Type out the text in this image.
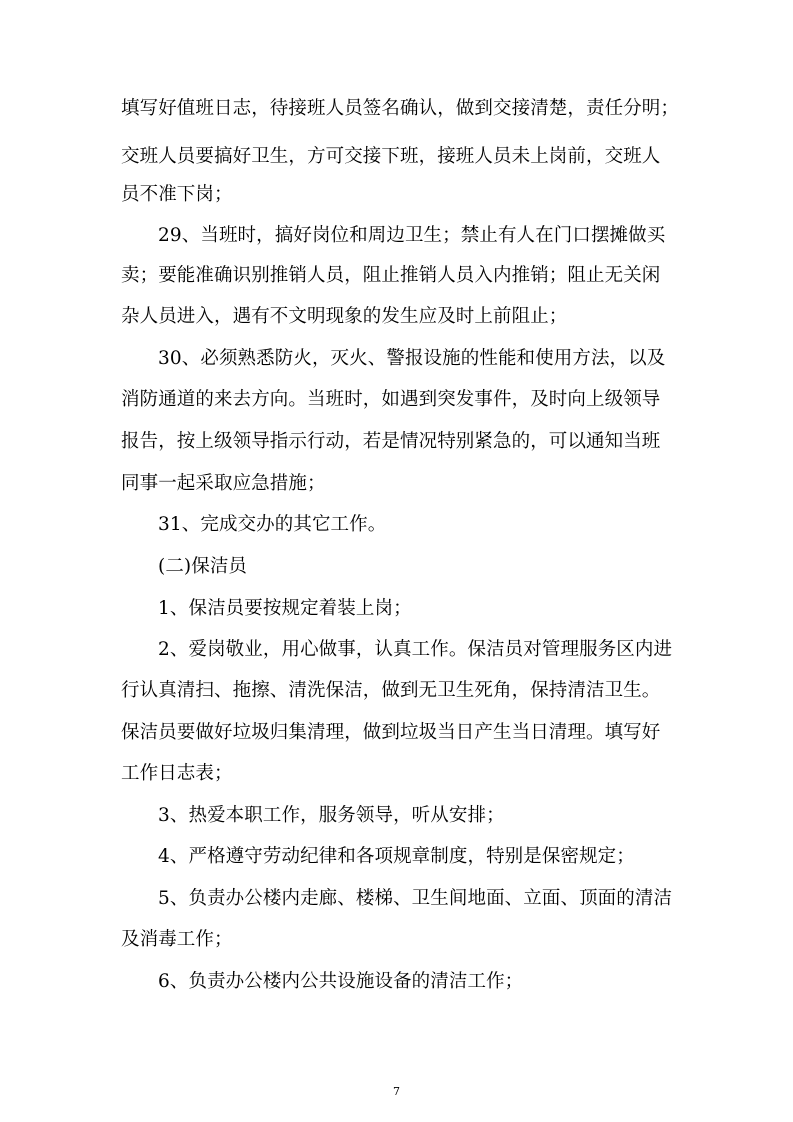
填写好值班日志，待接班人员签名确认，做到交接清楚，责任分明；
交班人员要搞好卫生，方可交接下班，接班人员未上岗前，交班人
员不准下岗；
29、当班时，搞好岗位和周边卫生；禁止有人在门口摆摊做买
卖；要能准确识别推销人员，阻止推销人员入内推销；阻止无关闲
杂人员进入，遇有不文明现象的发生应及时上前阻止；
30、必须熟悉防火，灭火、警报设施的性能和使用方法，以及
消防通道的来去方向。当班时，如遇到突发事件，及时向上级领导
报告，按上级领导指示行动，若是情况特别紧急的，可以通知当班
同事一起采取应急措施；
31、完成交办的其它工作。
(二)保洁员
1、保洁员要按规定着装上岗；
2、爱岗敬业，用心做事，认真工作。保洁员对管理服务区内进
行认真清扫、拖擦、清洗保洁，做到无卫生死角，保持清洁卫生。
保洁员要做好垃圾归集清理，做到垃圾当日产生当日清理。填写好
工作日志表；
3、热爱本职工作，服务领导，听从安排；
4、严格遵守劳动纪律和各项规章制度，特别是保密规定；
5、负责办公楼内走廊、楼梯、卫生间地面、立面、顶面的清洁
及消毒工作；
6、负责办公楼内公共设施设备的清洁工作；
7
